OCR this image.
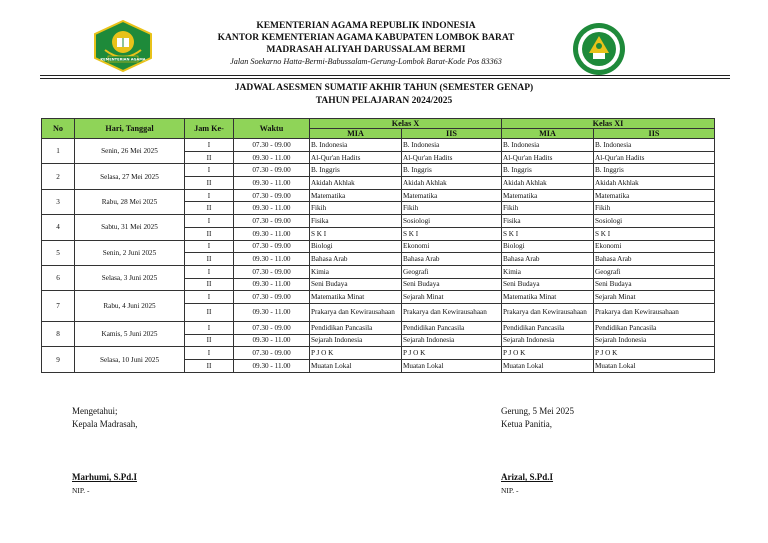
KEMENTERIAN AGAMA
KEMENTERIAN AGAMA REPUBLIK INDONESIA
KANTOR KEMENTERIAN AGAMA KABUPATEN LOMBOK BARAT
MADRASAH ALIYAH DARUSSALAM BERMI
Jalan Soekarno Hatta-Bermi-Babussalam-Gerung-Lombok Barat-Kode Pos 83363
JADWAL ASESMEN SUMATIF AKHIR TAHUN (SEMESTER GENAP)
TAHUN PELAJARAN 2024/2025
No	Hari, Tanggal	Jam Ke-	Waktu	Kelas X		Kelas XI	
				MIA	IIS	MIA	IIS
1	Senin, 26 Mei 2025	I	07.30 - 09.00	B. Indonesia	B. Indonesia	B. Indonesia	B. Indonesia
		II	09.30 - 11.00	Al-Qur'an Hadits	Al-Qur'an Hadits	Al-Qur'an Hadits	Al-Qur'an Hadits
2	Selasa, 27 Mei 2025	I	07.30 - 09.00	B. Inggris	B. Inggris	B. Inggris	B. Inggris
		II	09.30 - 11.00	Akidah Akhlak	Akidah Akhlak	Akidah Akhlak	Akidah Akhlak
3	Rabu, 28 Mei 2025	I	07.30 - 09.00	Matematika	Matematika	Matematika	Matematika
		II	09.30 - 11.00	Fikih	Fikih	Fikih	Fikih
4	Sabtu, 31 Mei 2025	I	07.30 - 09.00	Fisika	Sosiologi	Fisika	Sosiologi
		II	09.30 - 11.00	S K I	S K I	S K I	S K I
5	Senin, 2 Juni 2025	I	07.30 - 09.00	Biologi	Ekonomi	Biologi	Ekonomi
		II	09.30 - 11.00	Bahasa Arab	Bahasa Arab	Bahasa Arab	Bahasa Arab
6	Selasa, 3 Juni 2025	I	07.30 - 09.00	Kimia	Geografi	Kimia	Geografi
		II	09.30 - 11.00	Seni Budaya	Seni Budaya	Seni Budaya	Seni Budaya
7	Rabu, 4 Juni 2025	I	07.30 - 09.00	Matematika Minat	Sejarah Minat	Matematika Minat	Sejarah Minat
		II	09.30 - 11.00	Prakarya dan Kewirausahaan	Prakarya dan Kewirausahaan	Prakarya dan Kewirausahaan	Prakarya dan Kewirausahaan
8	Kamis, 5 Juni 2025	I	07.30 - 09.00	Pendidikan Pancasila	Pendidikan Pancasila	Pendidikan Pancasila	Pendidikan Pancasila
		II	09.30 - 11.00	Sejarah Indonesia	Sejarah Indonesia	Sejarah Indonesia	Sejarah Indonesia
9	Selasa, 10 Juni 2025	I	07.30 - 09.00	P J O K	P J O K	P J O K	P J O K
		II	09.30 - 11.00	Muatan Lokal	Muatan Lokal	Muatan Lokal	Muatan Lokal
Mengetahui;
Kepala Madrasah,
Marhumi, S.Pd.I
NIP. -
Gerung, 5 Mei 2025
Ketua Panitia,
Arizal, S.Pd.I
NIP. -
